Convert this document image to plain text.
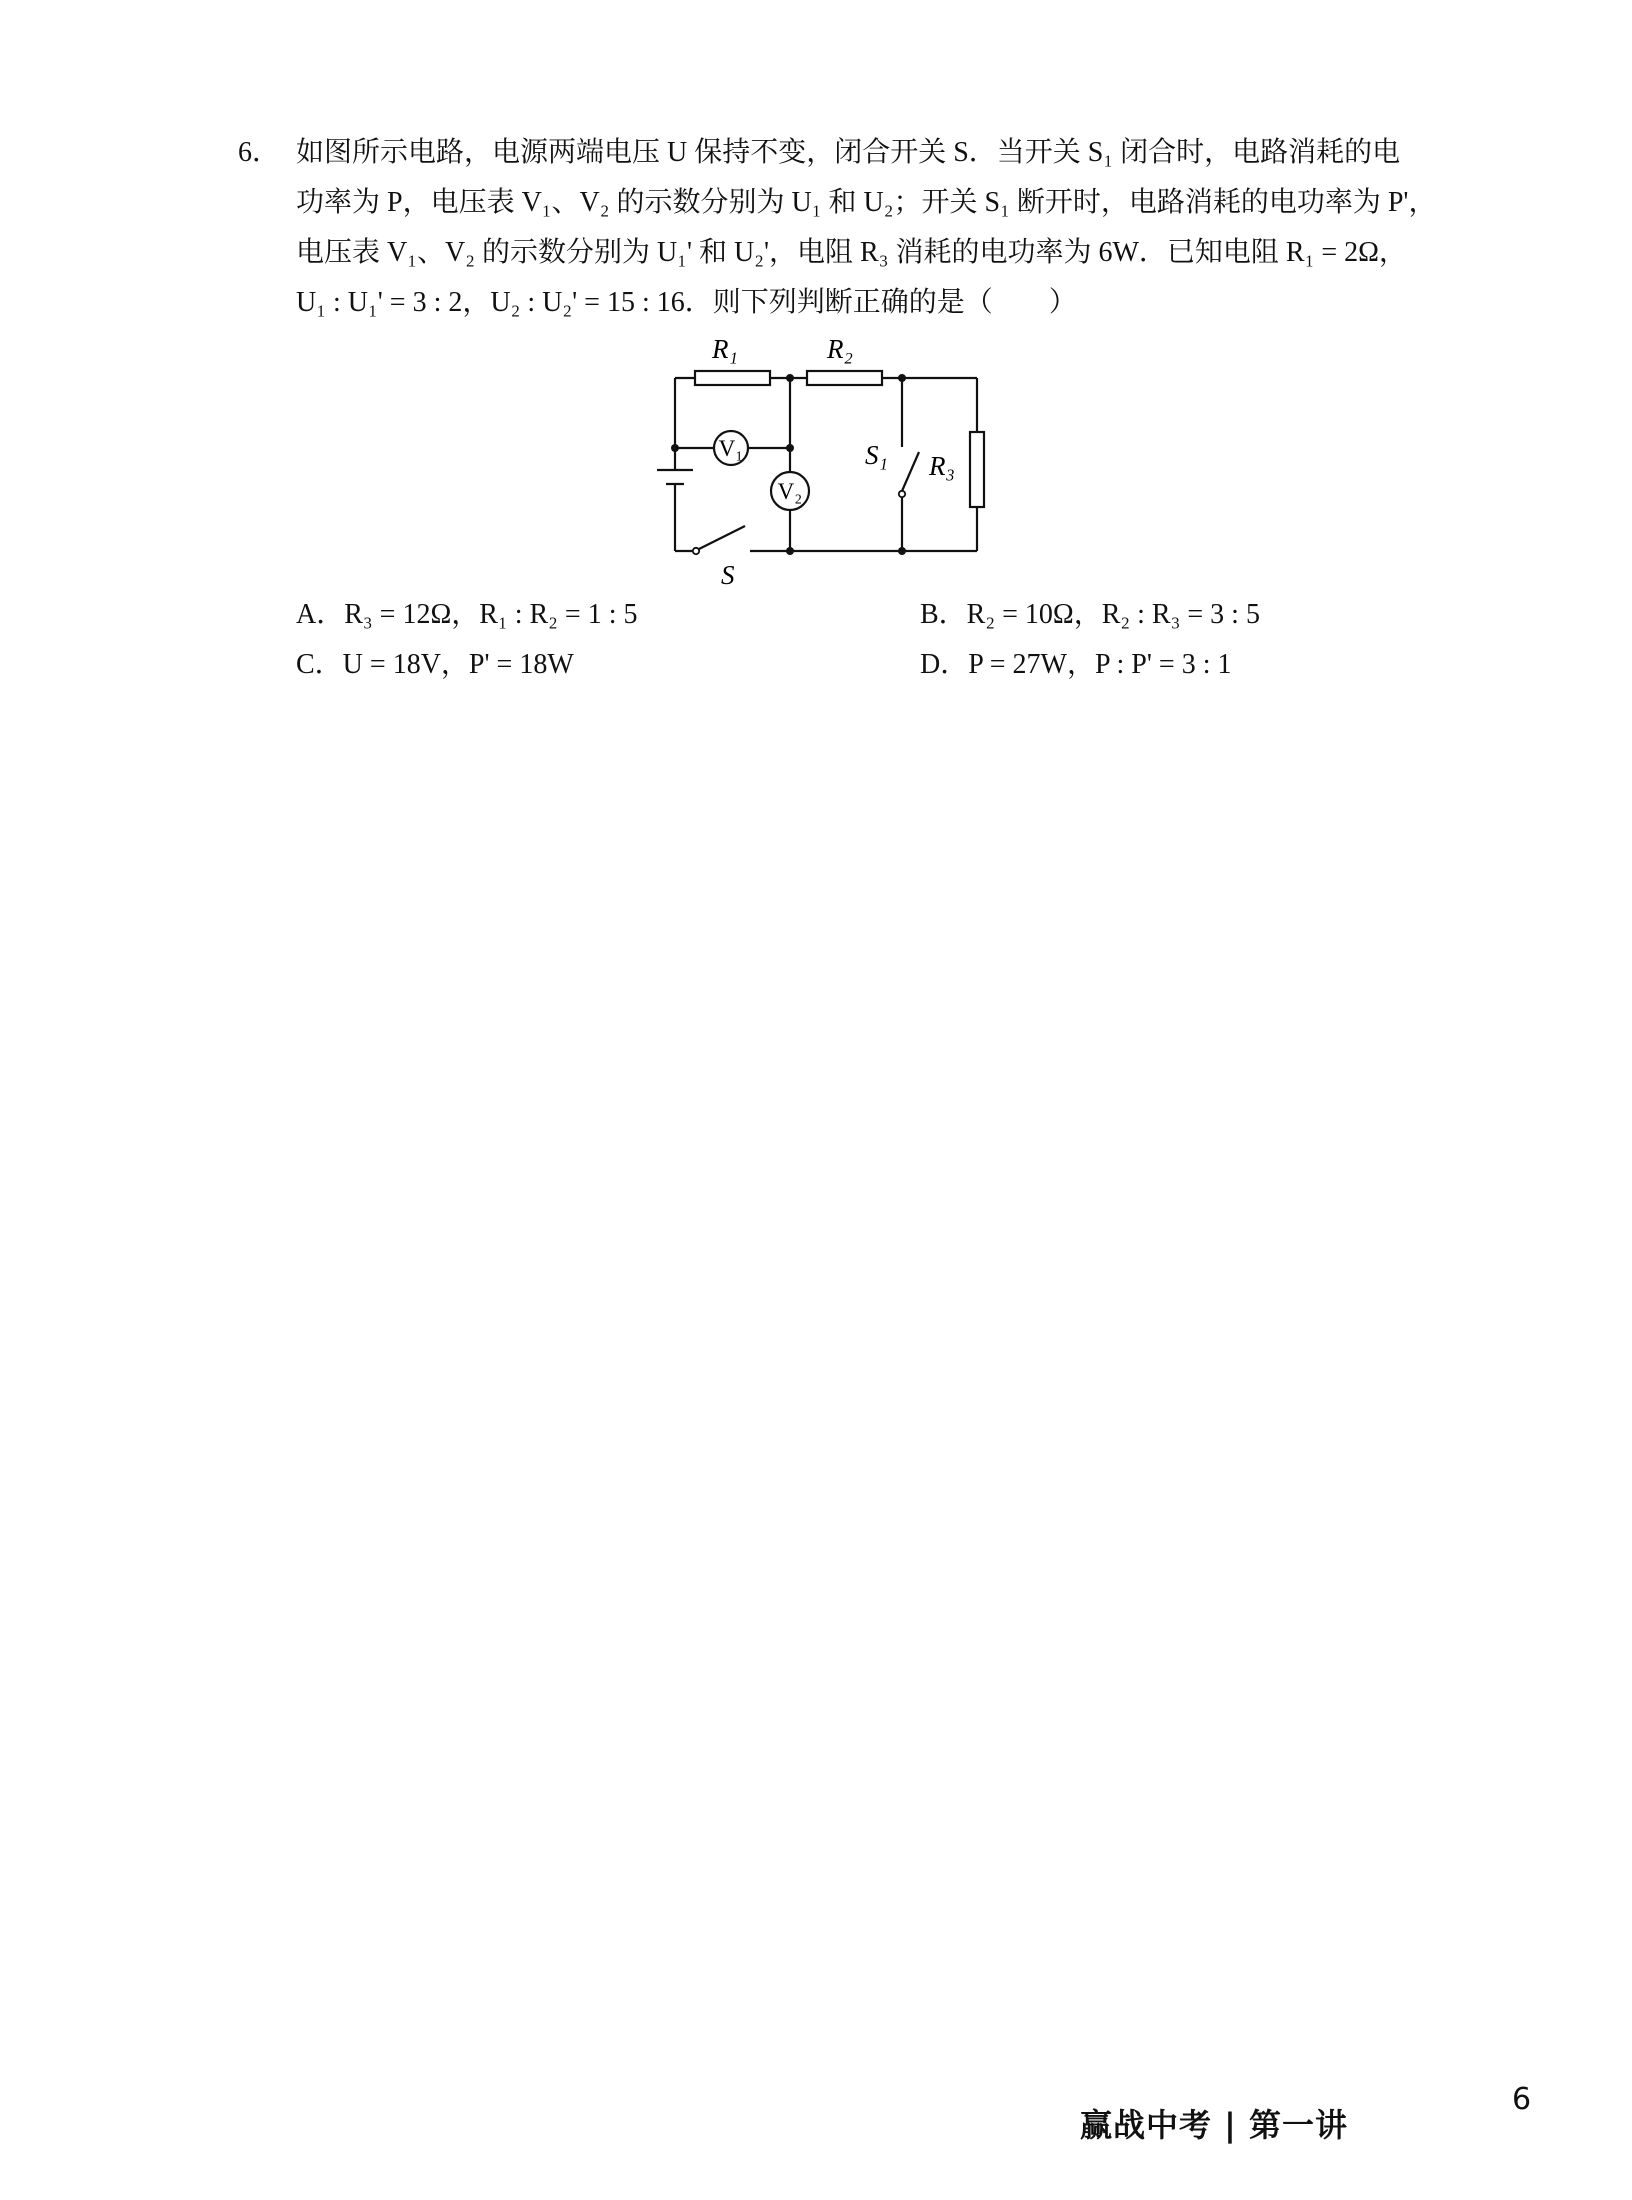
6． 如图所示电路，电源两端电压 U 保持不变，闭合开关 S．当开关 S₁ 闭合时，电路消耗的电
功率为 P，电压表 V₁、V₂ 的示数分别为 U₁ 和 U₂；开关 S₁ 断开时，电路消耗的电功率为 P'，
电压表 V₁、V₂ 的示数分别为 U₁' 和 U₂'，电阻 R₃ 消耗的电功率为 6W．已知电阻 R₁ = 2Ω，
U₁ : U₁' = 3 : 2，U₂ : U₂' = 15 : 16．则下列判断正确的是（　　）
R₁	R₂
R₃
V₁
V₂
S₁
S
A．R₃ = 12Ω，R₁ : R₂ = 1 : 5	B．R₂ = 10Ω，R₂ : R₃ = 3 : 5
C．U = 18V，P' = 18W	D．P = 27W，P : P' = 3 : 1
赢战中考 | 第一讲
6
